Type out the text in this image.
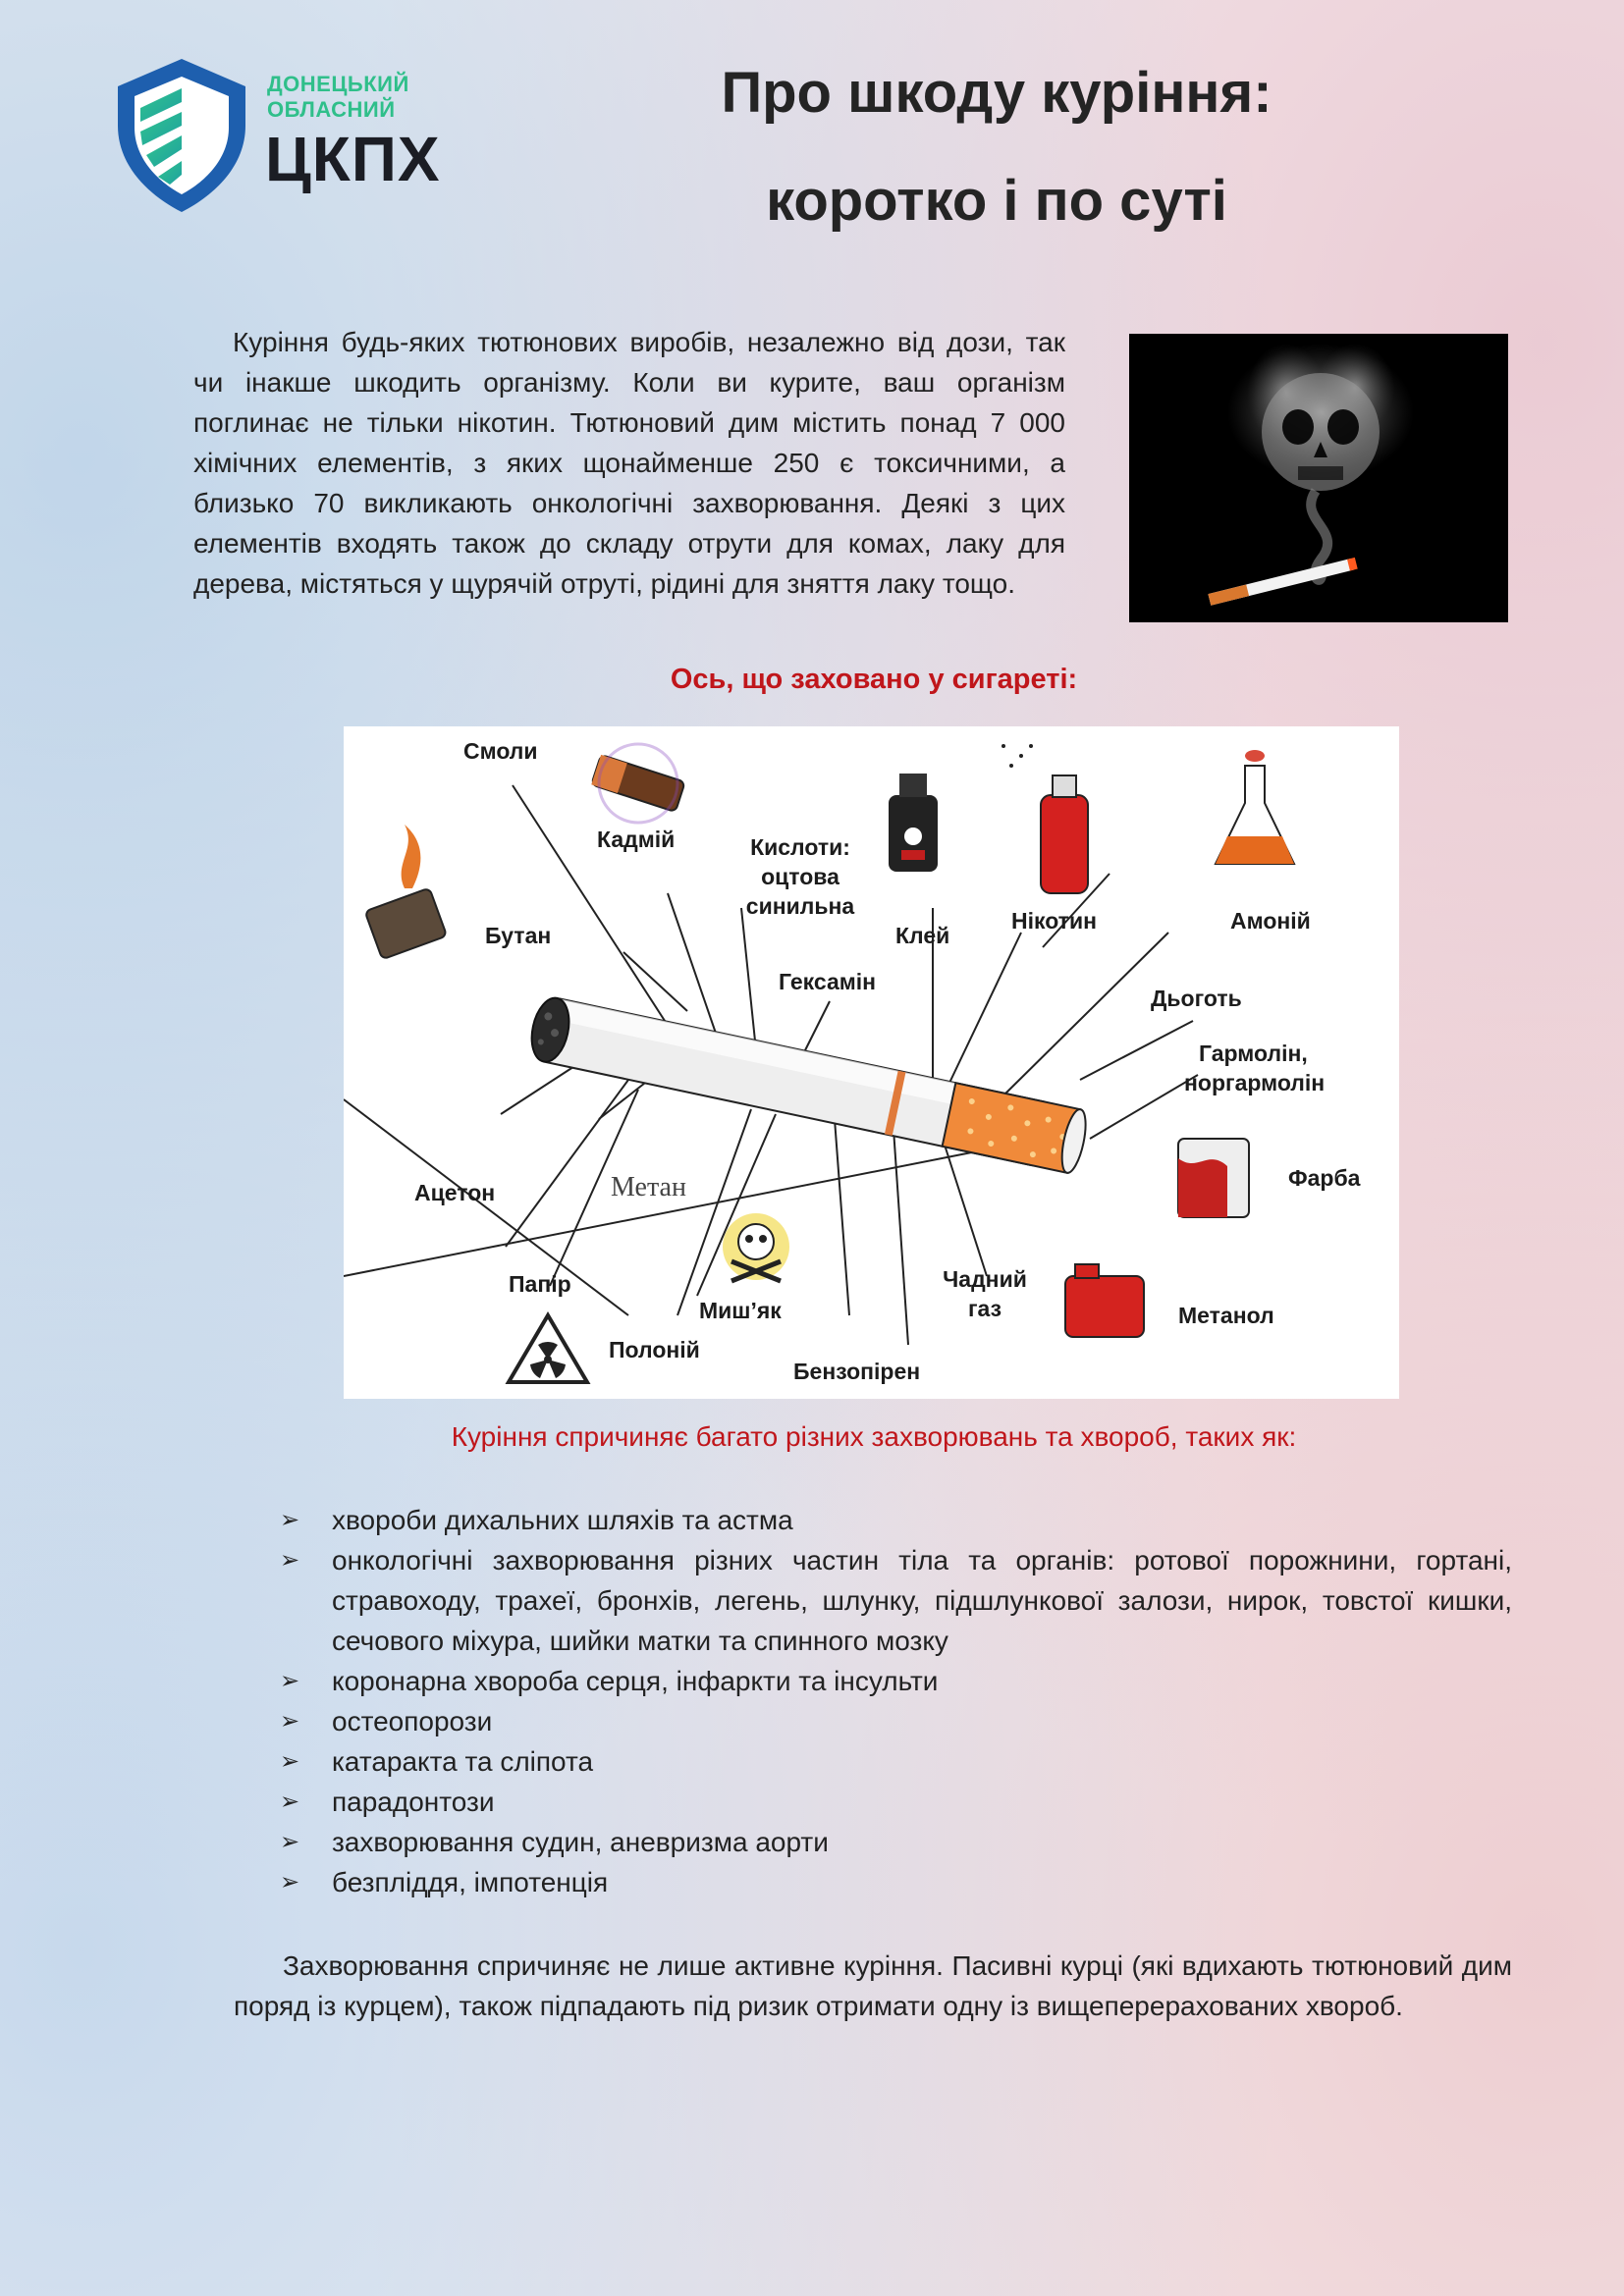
ДОНЕЦЬКИЙ
ОБЛАСНИЙ
ЦКПХ
Про шкоду куріння:
коротко і по суті
Куріння будь-яких тютюнових виробів, незалежно від дози, так чи інакше шкодить організму. Коли ви курите, ваш організм поглинає не тільки нікотин. Тютюновий дим містить понад 7 000 хімічних елементів, з яких щонайменше 250 є токсичними, а близько 70 викликають онкологічні захворювання. Деякі з цих елементів входять також до складу отрути для комах, лаку для дерева, містяться у щурячій отруті, рідині для зняття лаку тощо.
Ось, що заховано у сигареті:
Смоли
Кадмій	Кислоти:
оцтова
синильна
Клей
Нікотин	Амоній
Бутан
Гексамін
Дьоготь
Гармолін,
норгармолін
Ацетон	Метан	Фарба
Папір
Миш’як
Чадний
газ	Метанол
Полоній
Бензопірен
Куріння спричиняє багато різних захворювань та хвороб, таких як:
➢ хвороби дихальних шляхів та астма
➢ онкологічні захворювання різних частин тіла та органів: ротової порожнини, гортані, стравоходу, трахеї, бронхів, легень, шлунку, підшлункової залози, нирок, товстої кишки, сечового міхура, шийки матки та спинного мозку
➢ коронарна хвороба серця, інфаркти та інсульти
➢ остеопорози
➢ катаракта та сліпота
➢ парадонтози
➢ захворювання судин, аневризма аорти
➢ безпліддя, імпотенція
Захворювання спричиняє не лише активне куріння. Пасивні курці (які вдихають тютюновий дим поряд із курцем), також підпадають під ризик отримати одну із вищеперерахованих хвороб.
